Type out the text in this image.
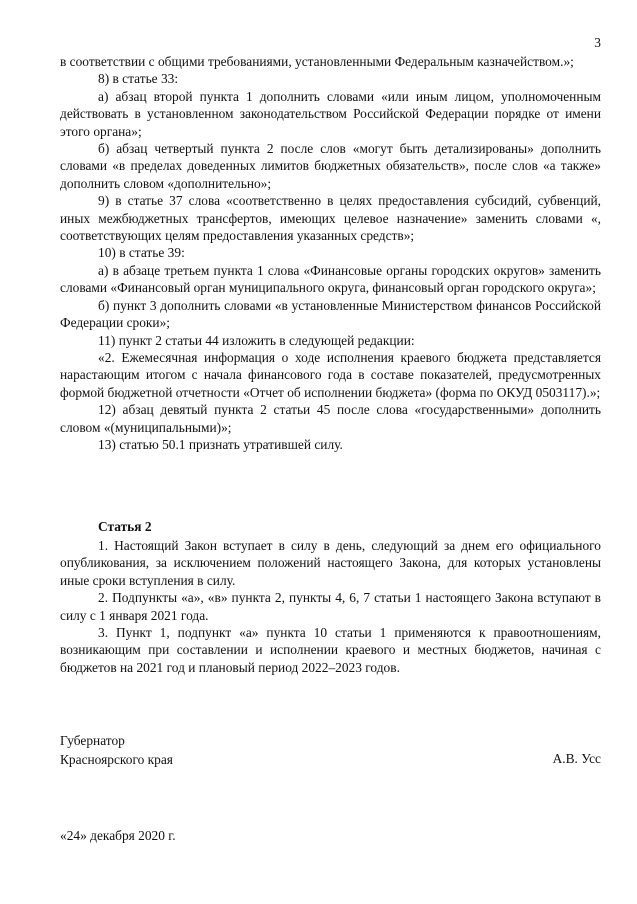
3

в соответствии с общими требованиями, установленными Федеральным казначейством.»;

8) в статье 33:

а) абзац второй пункта 1 дополнить словами «или иным лицом, уполномоченным действовать в установленном законодательством Российской Федерации порядке от имени этого органа»;

б) абзац четвертый пункта 2 после слов «могут быть детализированы» дополнить словами «в пределах доведенных лимитов бюджетных обязательств», после слов «а также» дополнить словом «дополнительно»;

9) в статье 37 слова «соответственно в целях предоставления субсидий, субвенций, иных межбюджетных трансфертов, имеющих целевое назначение» заменить словами «, соответствующих целям предоставления указанных средств»;

10) в статье 39:

а) в абзаце третьем пункта 1 слова «Финансовые органы городских округов» заменить словами «Финансовый орган муниципального округа, финансовый орган городского округа»;

б) пункт 3 дополнить словами «в установленные Министерством финансов Российской Федерации сроки»;

11) пункт 2 статьи 44 изложить в следующей редакции:

«2. Ежемесячная информация о ходе исполнения краевого бюджета представляется нарастающим итогом с начала финансового года в составе показателей, предусмотренных формой бюджетной отчетности «Отчет об исполнении бюджета» (форма по ОКУД 0503117).»;

12) абзац девятый пункта 2 статьи 45 после слова «государственными» дополнить словом «(муниципальными)»;

13) статью 50.1 признать утратившей силу.

Статья 2

1. Настоящий Закон вступает в силу в день, следующий за днем его официального опубликования, за исключением положений настоящего Закона, для которых установлены иные сроки вступления в силу.

2. Подпункты «а», «в» пункта 2, пункты 4, 6, 7 статьи 1 настоящего Закона вступают в силу с 1 января 2021 года.

3. Пункт 1, подпункт «а» пункта 10 статьи 1 применяются к правоотношениям, возникающим при составлении и исполнении краевого и местных бюджетов, начиная с бюджетов на 2021 год и плановый период 2022–2023 годов.

Губернатор

Красноярского края	А.В. Усс
«24» декабря 2020 г.
